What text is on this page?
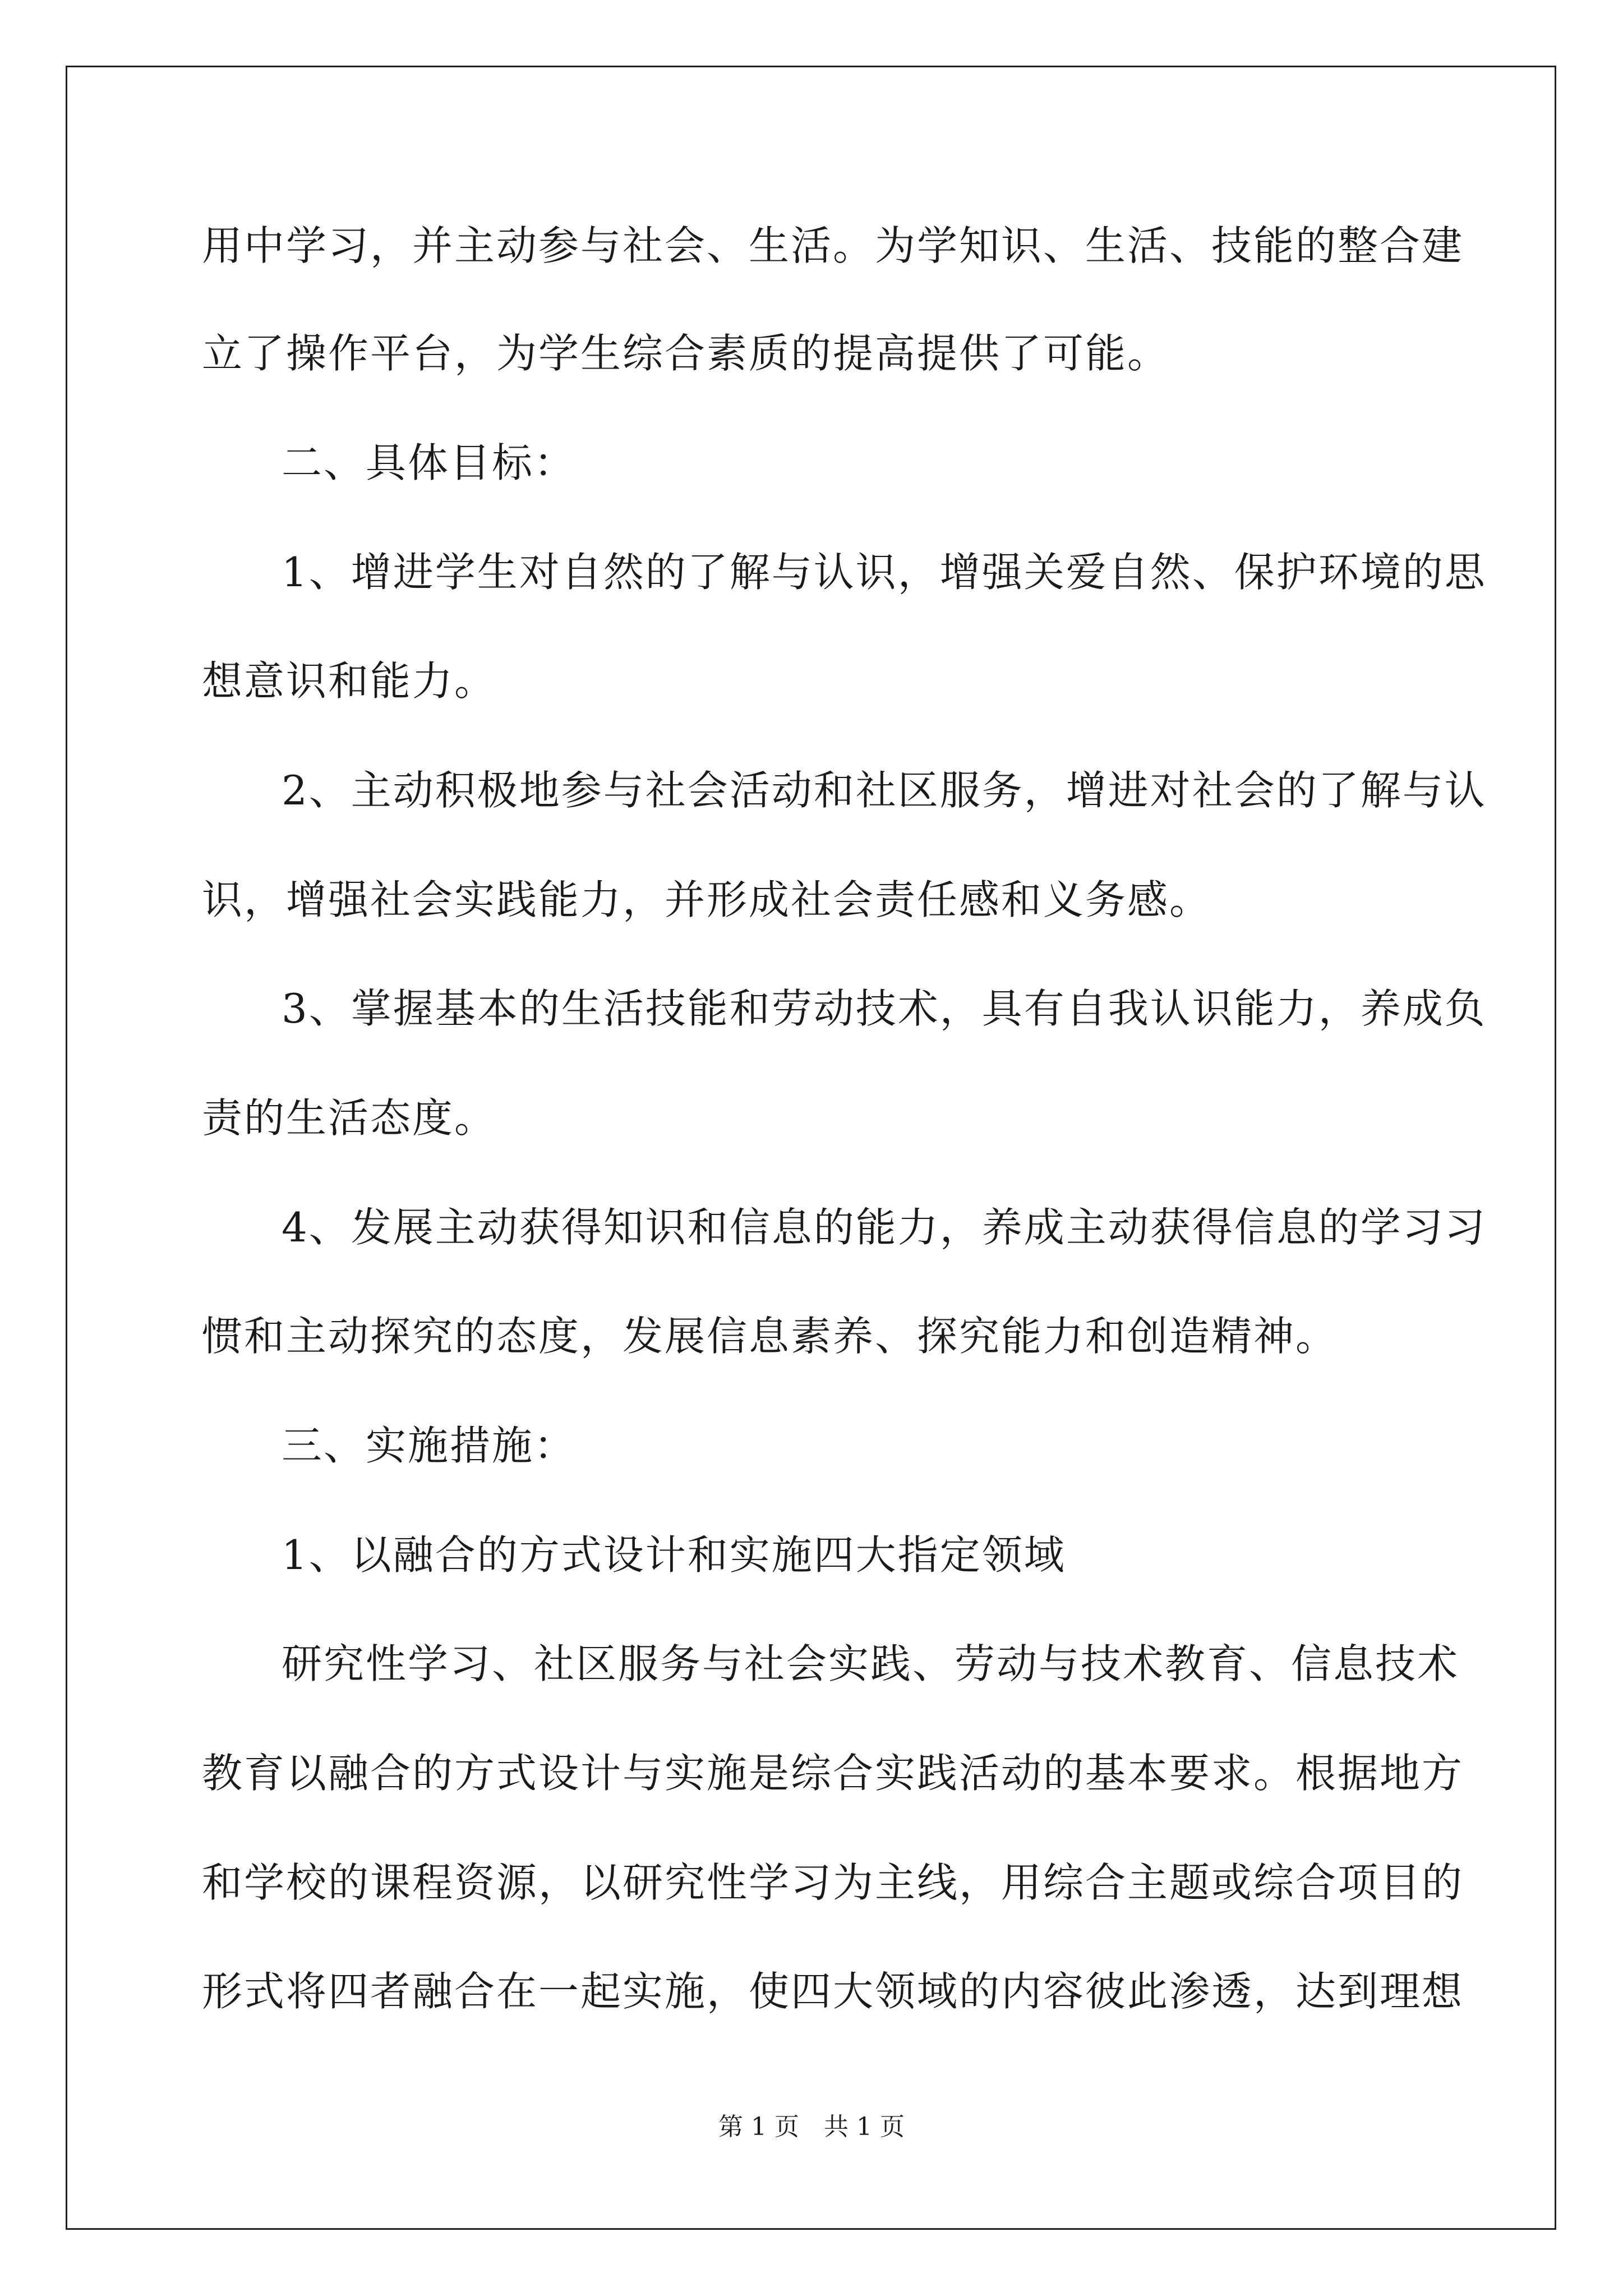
用中学习，并主动参与社会、生活。为学知识、生活、技能的整合建
立了操作平台，为学生综合素质的提高提供了可能。
二、具体目标：
1、增进学生对自然的了解与认识，增强关爱自然、保护环境的思
想意识和能力。
2、主动积极地参与社会活动和社区服务，增进对社会的了解与认
识，增强社会实践能力，并形成社会责任感和义务感。
3、掌握基本的生活技能和劳动技术，具有自我认识能力，养成负
责的生活态度。
4、发展主动获得知识和信息的能力，养成主动获得信息的学习习
惯和主动探究的态度，发展信息素养、探究能力和创造精神。
三、实施措施：
1、以融合的方式设计和实施四大指定领域
研究性学习、社区服务与社会实践、劳动与技术教育、信息技术
教育以融合的方式设计与实施是综合实践活动的基本要求。根据地方
和学校的课程资源，以研究性学习为主线，用综合主题或综合项目的
形式将四者融合在一起实施，使四大领域的内容彼此渗透，达到理想
第 1 页　共 1 页
